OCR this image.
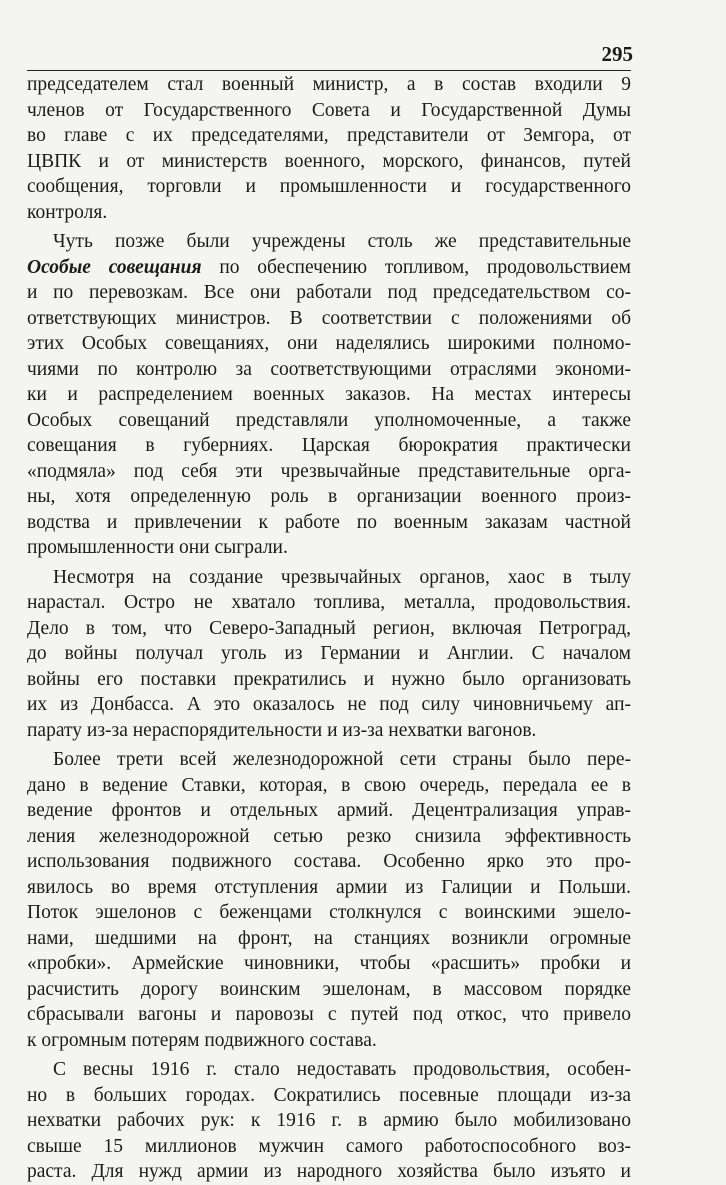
295
председателем стал военный министр, а в состав входили 9
членов от Государственного Совета и Государственной Думы
во главе с их председателями, представители от Земгора, от
ЦВПК и от министерств военного, морского, финансов, путей
сообщения, торговли и промышленности и государственного
контроля.
Чуть позже были учреждены столь же представительные
Особые совещания по обеспечению топливом, продовольствием
и по перевозкам. Все они работали под председательством со-
ответствующих министров. В соответствии с положениями об
этих Особых совещаниях, они наделялись широкими полномо-
чиями по контролю за соответствующими отраслями экономи-
ки и распределением военных заказов. На местах интересы
Особых совещаний представляли уполномоченные, а также
совещания в губерниях. Царская бюрократия практически
«подмяла» под себя эти чрезвычайные представительные орга-
ны, хотя определенную роль в организации военного произ-
водства и привлечении к работе по военным заказам частной
промышленности они сыграли.
Несмотря на создание чрезвычайных органов, хаос в тылу
нарастал. Остро не хватало топлива, металла, продовольствия.
Дело в том, что Северо-Западный регион, включая Петроград,
до войны получал уголь из Германии и Англии. С началом
войны его поставки прекратились и нужно было организовать
их из Донбасса. А это оказалось не под силу чиновничьему ап-
парату из-за нераспорядительности и из-за нехватки вагонов.
Более трети всей железнодорожной сети страны было пере-
дано в ведение Ставки, которая, в свою очередь, передала ее в
ведение фронтов и отдельных армий. Децентрализация управ-
ления железнодорожной сетью резко снизила эффективность
использования подвижного состава. Особенно ярко это про-
явилось во время отступления армии из Галиции и Польши.
Поток эшелонов с беженцами столкнулся с воинскими эшело-
нами, шедшими на фронт, на станциях возникли огромные
«пробки». Армейские чиновники, чтобы «расшить» пробки и
расчистить дорогу воинским эшелонам, в массовом порядке
сбрасывали вагоны и паровозы с путей под откос, что привело
к огромным потерям подвижного состава.
С весны 1916 г. стало недоставать продовольствия, особен-
но в больших городах. Сократились посевные площади из-за
нехватки рабочих рук: к 1916 г. в армию было мобилизовано
свыше 15 миллионов мужчин самого работоспособного воз-
раста. Для нужд армии из народного хозяйства было изъято и
